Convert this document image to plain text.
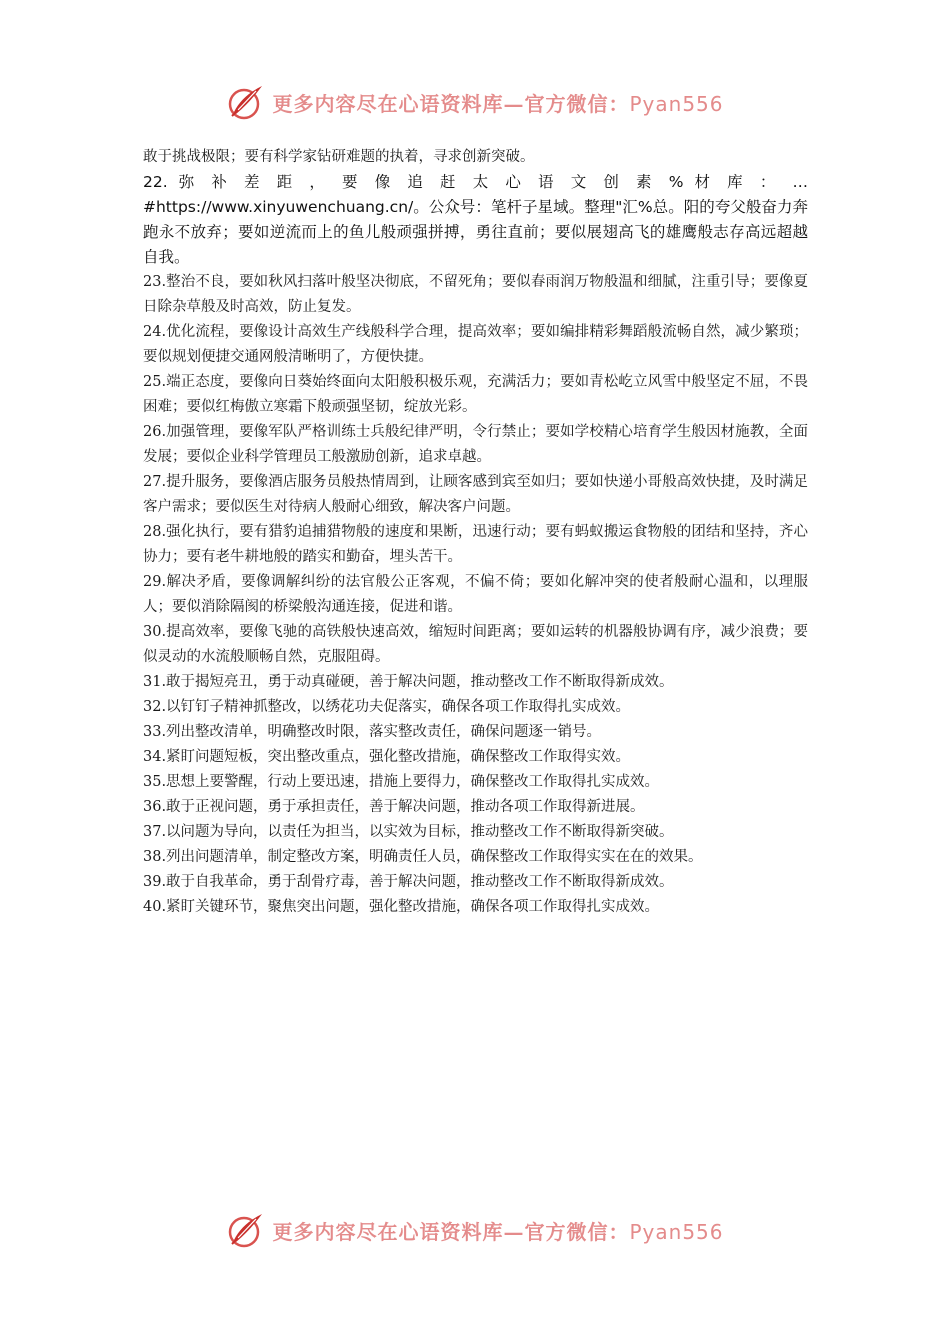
更多内容尽在心语资料库—官方微信：Pyan556

敢于挑战极限；要有科学家钻研难题的执着，寻求创新突破。

22. 弥 补 差 距 ， 要 像 追 赶 太 心 语 文 创 素 % 材 库 ： … #https://www.xinyuwenchuang.cn/。公众号：笔杆子星域。整理"汇%总。阳的夸父般奋力奔跑永不放弃；要如逆流而上的鱼儿般顽强拼搏，勇往直前；要似展翅高飞的雄鹰般志存高远超越自我。

23.整治不良，要如秋风扫落叶般坚决彻底，不留死角；要似春雨润万物般温和细腻，注重引导；要像夏日除杂草般及时高效，防止复发。

24.优化流程，要像设计高效生产线般科学合理，提高效率；要如编排精彩舞蹈般流畅自然，减少繁琐；要似规划便捷交通网般清晰明了，方便快捷。

25.端正态度，要像向日葵始终面向太阳般积极乐观，充满活力；要如青松屹立风雪中般坚定不屈，不畏困难；要似红梅傲立寒霜下般顽强坚韧，绽放光彩。

26.加强管理，要像军队严格训练士兵般纪律严明，令行禁止；要如学校精心培育学生般因材施教，全面发展；要似企业科学管理员工般激励创新，追求卓越。

27.提升服务，要像酒店服务员般热情周到，让顾客感到宾至如归；要如快递小哥般高效快捷，及时满足客户需求；要似医生对待病人般耐心细致，解决客户问题。

28.强化执行，要有猎豹追捕猎物般的速度和果断，迅速行动；要有蚂蚁搬运食物般的团结和坚持，齐心协力；要有老牛耕地般的踏实和勤奋，埋头苦干。

29.解决矛盾，要像调解纠纷的法官般公正客观，不偏不倚；要如化解冲突的使者般耐心温和，以理服人；要似消除隔阂的桥梁般沟通连接，促进和谐。

30.提高效率，要像飞驰的高铁般快速高效，缩短时间距离；要如运转的机器般协调有序，减少浪费；要似灵动的水流般顺畅自然，克服阻碍。

31.敢于揭短亮丑，勇于动真碰硬，善于解决问题，推动整改工作不断取得新成效。

32.以钉钉子精神抓整改，以绣花功夫促落实，确保各项工作取得扎实成效。

33.列出整改清单，明确整改时限，落实整改责任，确保问题逐一销号。

34.紧盯问题短板，突出整改重点，强化整改措施，确保整改工作取得实效。

35.思想上要警醒，行动上要迅速，措施上要得力，确保整改工作取得扎实成效。

36.敢于正视问题，勇于承担责任，善于解决问题，推动各项工作取得新进展。

37.以问题为导向，以责任为担当，以实效为目标，推动整改工作不断取得新突破。

38.列出问题清单，制定整改方案，明确责任人员，确保整改工作取得实实在在的效果。

39.敢于自我革命，勇于刮骨疗毒，善于解决问题，推动整改工作不断取得新成效。

40.紧盯关键环节，聚焦突出问题，强化整改措施，确保各项工作取得扎实成效。

更多内容尽在心语资料库—官方微信：Pyan556
